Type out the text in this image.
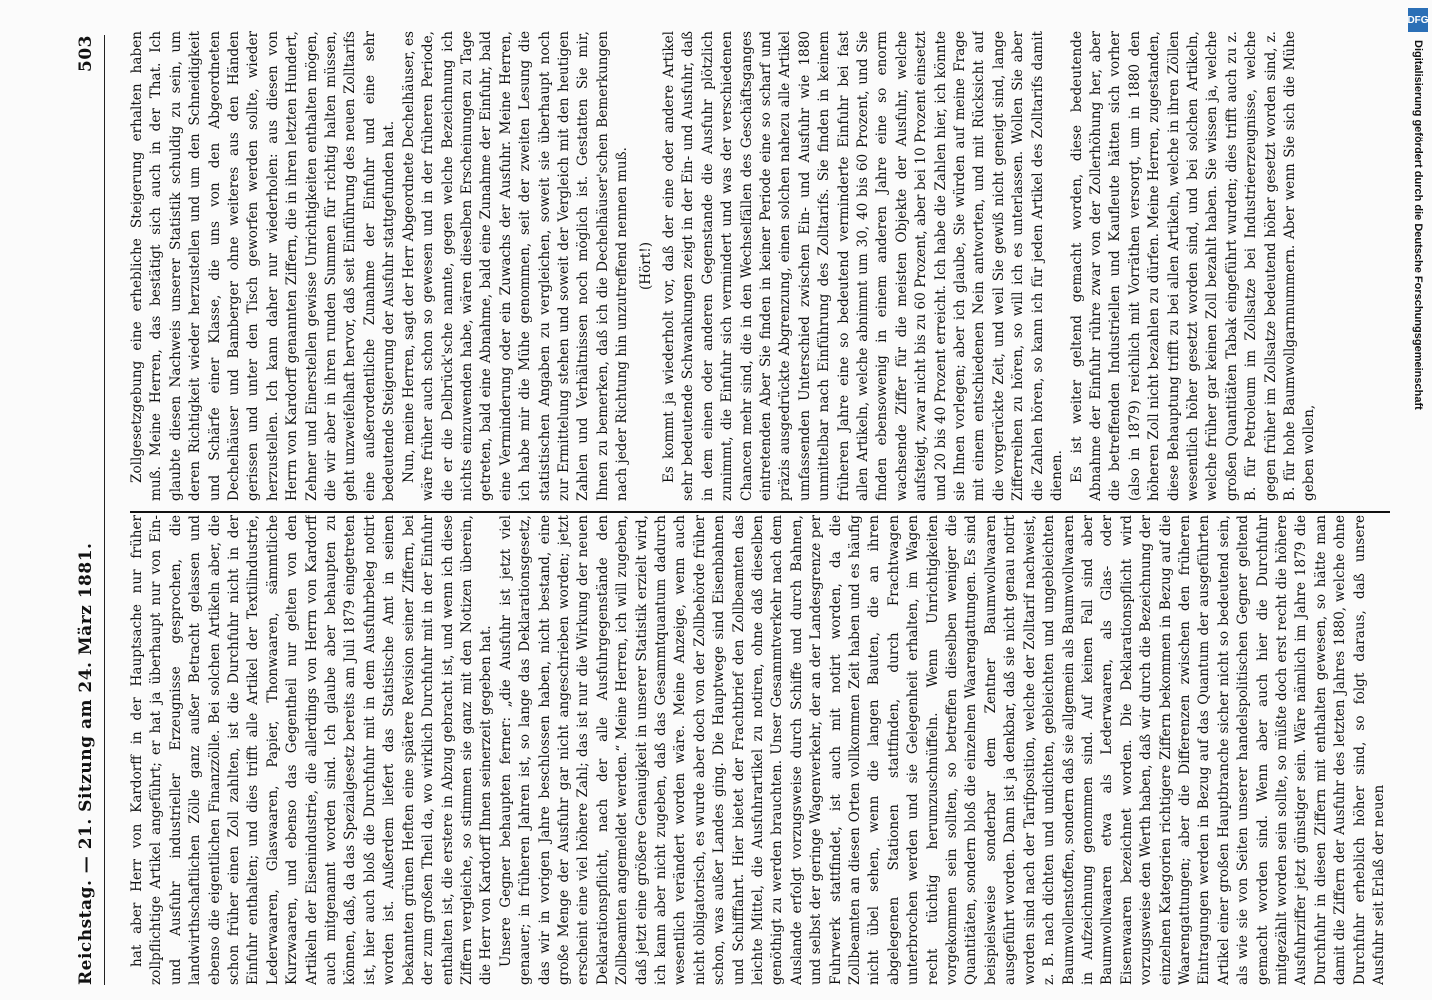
Reichstag. — 21. Sitzung am 24. März 1881.
503

hat aber Herr von Kardorff in der Hauptsache nur früher zollpflichtige Artikel angeführt; er hat ja überhaupt nur von Ein- und Ausfuhr industrieller Erzeugnisse gesprochen, die landwirthschaftlichen Zölle ganz außer Betracht gelassen und ebenso die eigentlichen Finanzzölle. Bei solchen Artikeln aber, die schon früher einen Zoll zahlten, ist die Durchfuhr nicht in der Einfuhr enthalten; und dies trifft alle Artikel der Textilindustrie, Lederwaaren, Glaswaaren, Papier, Thonwaaren, sämmtliche Kurzwaaren, und ebenso das Gegentheil nur gelten von den Artikeln der Eisenindustrie, die allerdings von Herrn von Kardorff auch mitgenannt worden sind. Ich glaube aber behaupten zu können, daß, da das Spezialgesetz bereits am Juli 1879 eingetreten ist, hier auch bloß die Durchfuhr mit in dem Ausfuhrbeleg notirt worden ist. Außerdem liefert das Statistische Amt in seinen bekannten grünen Heften eine spätere Revision seiner Ziffern, bei der zum großen Theil da, wo wirklich Durchfuhr mit in der Einfuhr enthalten ist, die erstere in Abzug gebracht ist, und wenn ich diese Ziffern vergleiche, so stimmen sie ganz mit den Notizen überein, die Herr von Kardorff Ihnen seinerzeit gegeben hat. Unsere Gegner behaupten ferner: „die Ausfuhr ist jetzt viel genauer; in früheren Jahren ist, so lange das Deklarationsgesetz, das wir in vorigen Jahre beschlossen haben, nicht bestand, eine große Menge der Ausfuhr gar nicht angeschrieben worden; jetzt erscheint eine viel höhere Zahl; das ist nur die Wirkung der neuen Deklarationspflicht, nach der alle Ausfuhrgegenstände den Zollbeamten angemeldet werden.“ Meine Herren, ich will zugeben, daß jetzt eine größere Genauigkeit in unserer Statistik erzielt wird, ich kann aber nicht zugeben, daß das Gesammtquantum dadurch wesentlich verändert worden wäre. Meine Anzeige, wenn auch nicht obligatorisch, es wurde aber doch von der Zollbehörde früher schon, was außer Landes ging. Die Hauptwege sind Eisenbahnen und Schifffahrt. Hier bietet der Frachtbrief den Zollbeamten das leichte Mittel, die Ausfuhrartikel zu notiren, ohne daß dieselben genöthigt zu werden brauchten. Unser Gesammtverkehr nach dem Auslande erfolgt vorzugsweise durch Schiffe und durch Bahnen, und selbst der geringe Wagenverkehr, der an der Landesgrenze per Fuhrwerk stattfindet, ist auch mit notirt worden, da die Zollbeamten an diesen Orten vollkommen Zeit haben und es häufig nicht übel sehen, wenn die langen Bauten, die an ihren abgelegenen Stationen stattfinden, durch Frachtwagen unterbrochen werden und sie Gelegenheit erhalten, im Wagen recht tüchtig herumzuschnüffeln. Wenn Unrichtigkeiten vorgekommen sein sollten, so betreffen dieselben weniger die Quantitäten, sondern bloß die einzelnen Waarengattungen. Es sind beispielsweise sonderbar dem Zentner Baumwollwaaren ausgeführt worden. Dann ist ja denkbar, daß sie nicht genau notirt worden sind nach der Tarifposition, welche der Zolltarif nachweist, z. B. nach dichten und undichten, gebleichten und ungebleichten Baumwollenstoffen, sondern daß sie allgemein als Baumwollwaaren in Aufzeichnung genommen sind. Auf keinen Fall sind aber Baumwollwaaren etwa als Lederwaaren, als Glas- oder Eisenwaaren bezeichnet worden. Die Deklarationspflicht wird vorzugsweise den Werth haben, daß wir durch die Bezeichnung der einzelnen Kategorien richtigere Ziffern bekommen in Bezug auf die Waarengattungen; aber die Differenzen zwischen den früheren Eintragungen werden in Bezug auf das Quantum der ausgeführten Artikel einer großen Hauptbranche sicher nicht so bedeutend sein, als wie sie von Seiten unserer handelspolitischen Gegner geltend gemacht worden sind. Wenn aber auch hier die Durchfuhr mitgezählt worden sein sollte, so müßte doch erst recht die höhere Ausfuhrziffer jetzt günstiger sein. Wäre nämlich im Jahre 1879 die Durchfuhr in diesen Ziffern mit enthalten gewesen, so hätte man damit die Ziffern der Ausfuhr des letzten Jahres 1880, welche ohne Durchfuhr erheblich höher sind, so folgt daraus, daß unsere Ausfuhr seit Erlaß der neuen

Zollgesetzgebung eine erhebliche Steigerung erhalten haben muß. Meine Herren, das bestätigt sich auch in der That. Ich glaubte diesen Nachweis unserer Statistik schuldig zu sein, um deren Richtigkeit wieder herzustellen und um den Schneidigkeit und Schärfe einer Klasse, die uns von den Abgeordneten Dechelhäuser und Bamberger ohne weiteres aus den Händen gerissen und unter den Tisch geworfen werden sollte, wieder herzustellen. Ich kann daher nur wiederholen: aus diesen von Herrn von Kardorff genannten Ziffern, die in ihren letzten Hundert, Zehner und Einerstellen gewisse Unrichtigkeiten enthalten mögen, die wir aber in ihren runden Summen für richtig halten müssen, geht unzweifelhaft hervor, daß seit Einführung des neuen Zolltarifs eine außerordentliche Zunahme der Einfuhr und eine sehr bedeutende Steigerung der Ausfuhr stattgefunden hat. Nun, meine Herren, sagt der Herr Abgeordnete Dechelhäuser, es wäre früher auch schon so gewesen und in der früheren Periode, die er die Delbrück'sche nannte, gegen welche Bezeichnung ich nichts einzuwenden habe, wären dieselben Erscheinungen zu Tage getreten, bald eine Abnahme, bald eine Zunahme der Einfuhr, bald eine Verminderung oder ein Zuwachs der Ausfuhr. Meine Herren, ich habe mir die Mühe genommen, seit der zweiten Lesung die statistischen Angaben zu vergleichen, soweit sie überhaupt noch zur Ermittelung stehen und soweit der Vergleich mit den heutigen Zahlen und Verhältnissen noch möglich ist. Gestatten Sie mir, Ihnen zu bemerken, daß ich die Dechelhäuser'schen Bemerkungen nach jeder Richtung hin unzutreffend nennen muß. (Hört!) Es kommt ja wiederholt vor, daß der eine oder andere Artikel sehr bedeutende Schwankungen zeigt in der Ein- und Ausfuhr, daß in dem einen oder anderen Gegenstande die Ausfuhr plötzlich zunimmt, die Einfuhr sich vermindert und was der verschiedenen Chancen mehr sind, die in den Wechselfällen des Geschäftsganges eintretenden Aber Sie finden in keiner Periode eine so scharf und präzis ausgedrückte Abgrenzung, einen solchen nahezu alle Artikel umfassenden Unterschied zwischen Ein- und Ausfuhr wie 1880 unmittelbar nach Einführung des Zolltarifs. Sie finden in keinem früheren Jahre eine so bedeutend verminderte Einfuhr bei fast allen Artikeln, welche abnimmt um 30, 40 bis 60 Prozent, und Sie finden ebensowenig in einem anderen Jahre eine so enorm wachsende Ziffer für die meisten Objekte der Ausfuhr, welche aufsteigt, zwar nicht bis zu 60 Prozent, aber bei 10 Prozent einsetzt und 20 bis 40 Prozent erreicht. Ich habe die Zahlen hier, ich könnte sie Ihnen vorlegen; aber ich glaube, Sie würden auf meine Frage mit einem entschiedenen Nein antworten, und mit Rücksicht auf die vorgerückte Zeit, und weil Sie gewiß nicht geneigt sind, lange Zifferreihen zu hören, so will ich es unterlassen. Wollen Sie aber die Zahlen hören, so kann ich für jeden Artikel des Zolltarifs damit dienen. Es ist weiter geltend gemacht worden, diese bedeutende Abnahme der Einfuhr rühre zwar von der Zollerhöhung her, aber die betreffenden Industriellen und Kaufleute hätten sich vorher (also in 1879) reichlich mit Vorräthen versorgt, um in 1880 den höheren Zoll nicht bezahlen zu dürfen. Meine Herren, zugestanden, diese Behauptung trifft zu bei allen Artikeln, welche in ihren Zöllen wesentlich höher gesetzt worden sind, und bei solchen Artikeln, welche früher gar keinen Zoll bezahlt haben. Sie wissen ja, welche großen Quantitäten Tabak eingeführt wurden; dies trifft auch zu z. B. für Petroleum im Zollsatze bei Industrieerzeugnisse, welche gegen früher im Zollsatze bedeutend höher gesetzt worden sind, z. B. für hohe Baumwollgarnnummern. Aber wenn Sie sich die Mühe geben wollen,

DFG
Digitalisierung gefördert durch die Deutsche Forschungsgemeinschaft
